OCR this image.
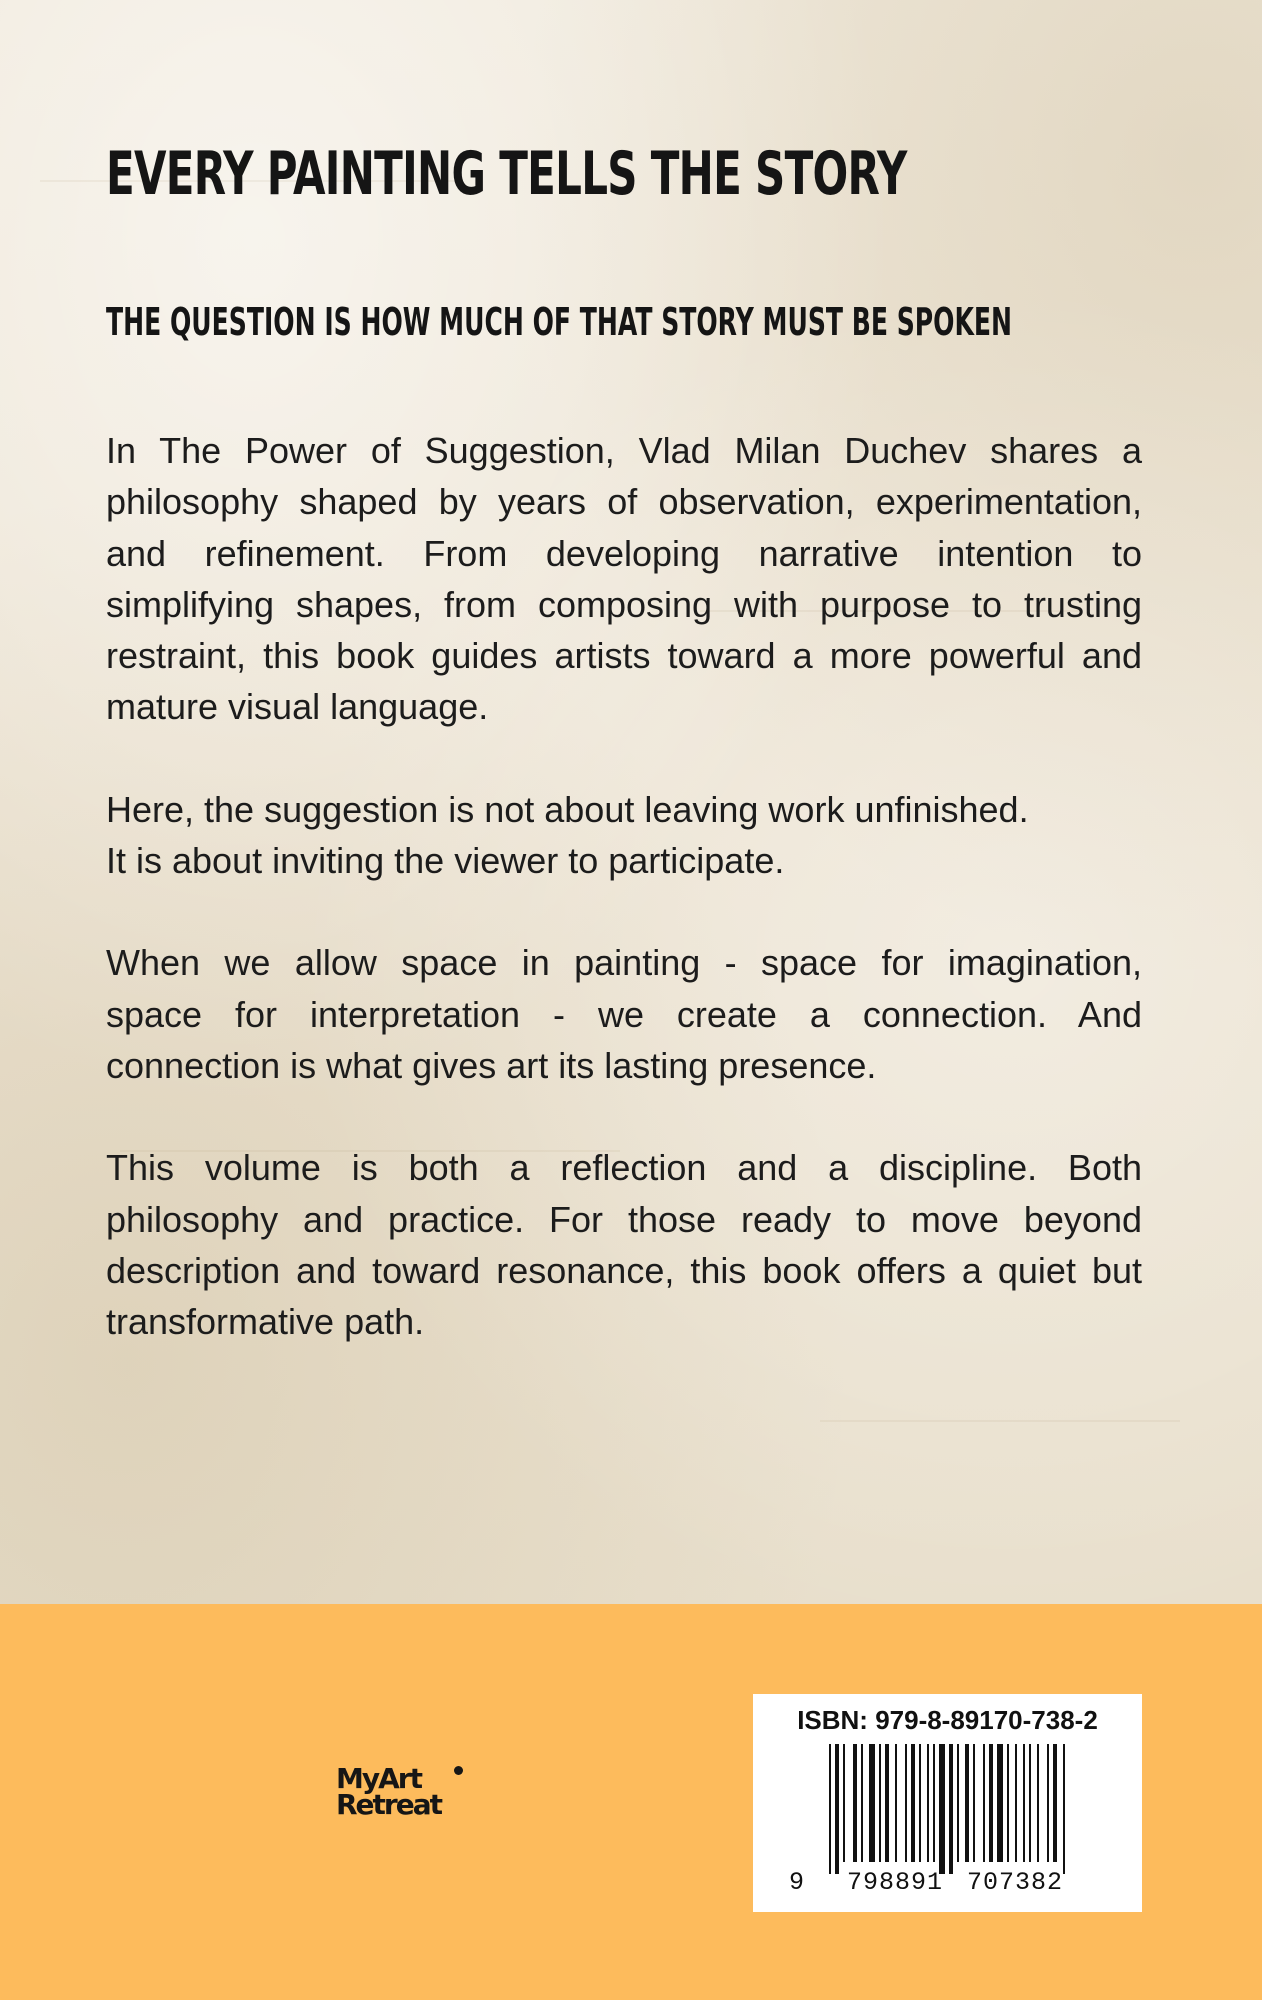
EVERY PAINTING TELLS THE STORY
THE QUESTION IS HOW MUCH OF THAT STORY MUST BE SPOKEN

In The Power of Suggestion, Vlad Milan Duchev shares a
philosophy shaped by years of observation, experimentation,
and refinement. From developing narrative intention to
simplifying shapes, from composing with purpose to trusting
restraint, this book guides artists toward a more powerful and
mature visual language.

Here, the suggestion is not about leaving work unfinished.
It is about inviting the viewer to participate.

When we allow space in painting - space for imagination,
space for interpretation - we create a connection. And
connection is what gives art its lasting presence.

This volume is both a reflection and a discipline. Both
philosophy and practice. For those ready to move beyond
description and toward resonance, this book offers a quiet but
transformative path.

MyArt
Retreat
ISBN: 979-8-89170-738-2
9 798891 707382
